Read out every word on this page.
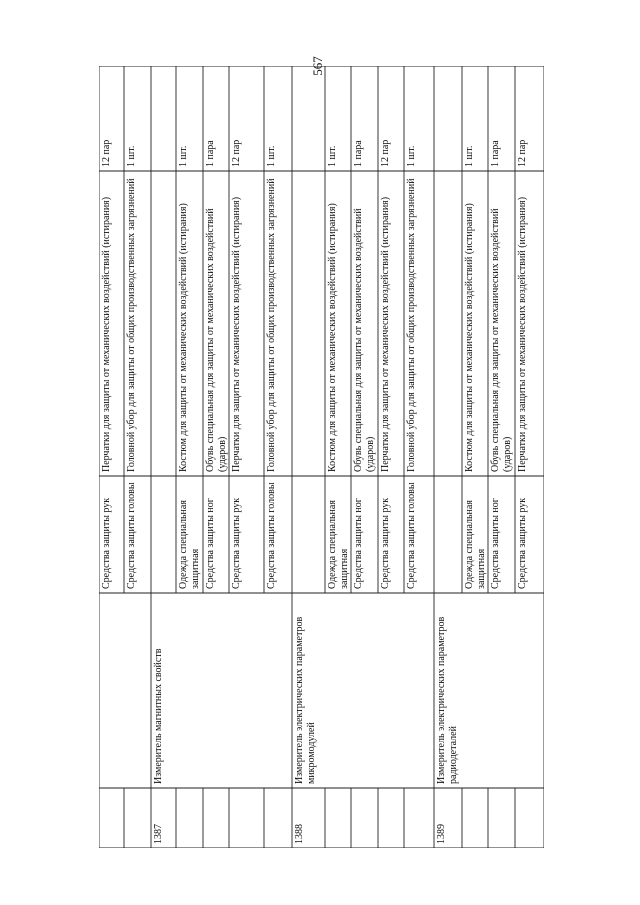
567
Средства защиты рук
Перчатки для защиты от механических воздействий (истирания)
12 пар
Средства защиты головы
Головной убор для защиты от общих производственных загрязнений
1 шт.
1387
Измеритель магнитных свойств
Одежда специальная защитная
Костюм для защиты от механических воздействий (истирания)
1 шт.
Средства защиты ног
Обувь специальная для защиты от механических воздействий (ударов)
1 пара
Средства защиты рук
Перчатки для защиты от механических воздействий (истирания)
12 пар
Средства защиты головы
Головной убор для защиты от общих производственных загрязнений
1 шт.
1388
Измеритель электрических параметров микромодулей
Одежда специальная защитная
Костюм для защиты от механических воздействий (истирания)
1 шт.
Средства защиты ног
Обувь специальная для защиты от механических воздействий (ударов)
1 пара
Средства защиты рук
Перчатки для защиты от механических воздействий (истирания)
12 пар
Средства защиты головы
Головной убор для защиты от общих производственных загрязнений
1 шт.
1389
Измеритель электрических параметров радиодеталей
Одежда специальная защитная
Костюм для защиты от механических воздействий (истирания)
1 шт.
Средства защиты ног
Обувь специальная для защиты от механических воздействий (ударов)
1 пара
Средства защиты рук
Перчатки для защиты от механических воздействий (истирания)
12 пар
